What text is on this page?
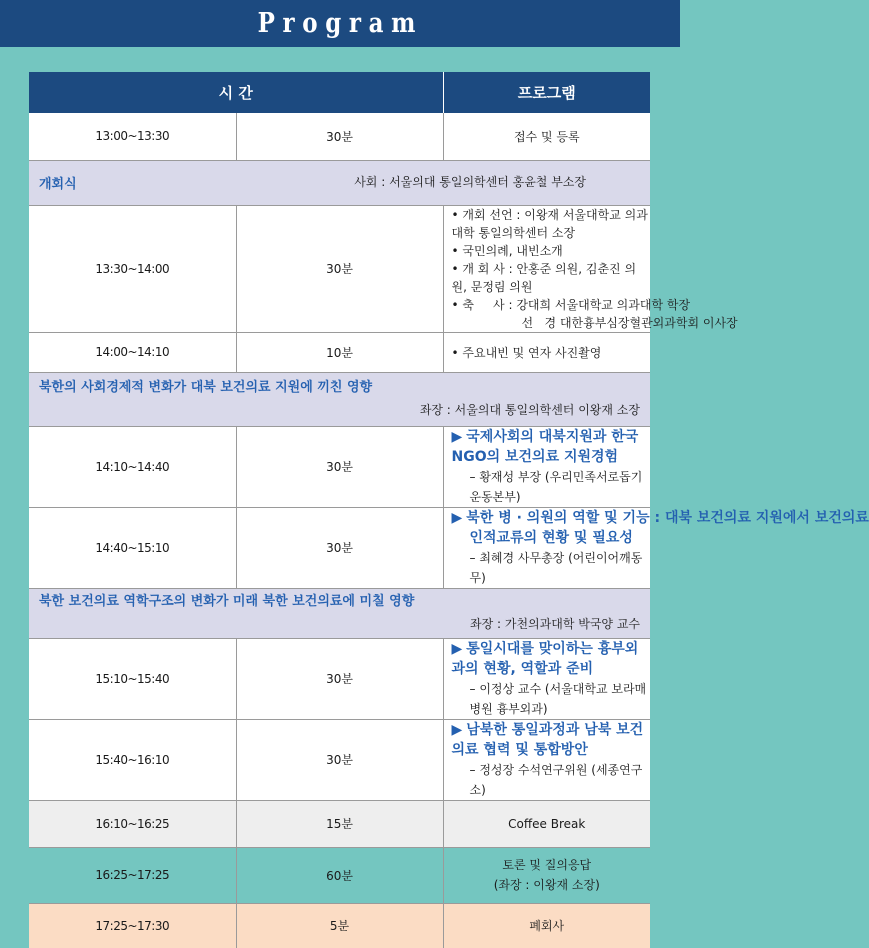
Program
시 간		프로그램
13:00~13:30	30분	접수 및 등록
개회식 사회 : 서울의대 통일의학센터 홍윤철 부소장		

13:30~14:00	30분	• 개회 선언 : 이왕재 서울대학교 의과대학 통일의학센터 소장
• 국민의례, 내빈소개
• 개 회 사 : 안홍준 의원, 김춘진 의원, 문정림 의원
• 축     사 : 강대희 서울대학교 의과대학 학장
선   경 대한흉부심장혈관외과학회 이사장

14:00~14:10	10분	• 주요내빈 및 연자 사진촬영

북한의 사회경제적 변화가 대북 보건의료 지원에 끼친 영향
좌장 : 서울의대 통일의학센터 이왕재 소장		

14:10~14:40	30분	▶ 국제사회의 대북지원과 한국 NGO의 보건의료 지원경험
– 황재성 부장 (우리민족서로돕기운동본부)

14:40~15:10	30분	▶ 북한 병 · 의원의 역할 및 기능 : 대북 보건의료 지원에서 보건의료
인적교류의 현황 및 필요성
– 최혜경 사무총장 (어린이어깨동무)

북한 보건의료 역학구조의 변화가 미래 북한 보건의료에 미칠 영향
좌장 : 가천의과대학 박국양 교수		

15:10~15:40	30분	▶ 통일시대를 맞이하는 흉부외과의 현황, 역할과 준비
– 이정상 교수 (서울대학교 보라매병원 흉부외과)

15:40~16:10	30분	▶ 남북한 통일과정과 남북 보건의료 협력 및 통합방안
– 정성장 수석연구위원 (세종연구소)

16:10~16:25	15분	Coffee Break
16:25~17:25	60분	토론 및 질의응답
(좌장 : 이왕재 소장)

17:25~17:30	5분	폐회사
